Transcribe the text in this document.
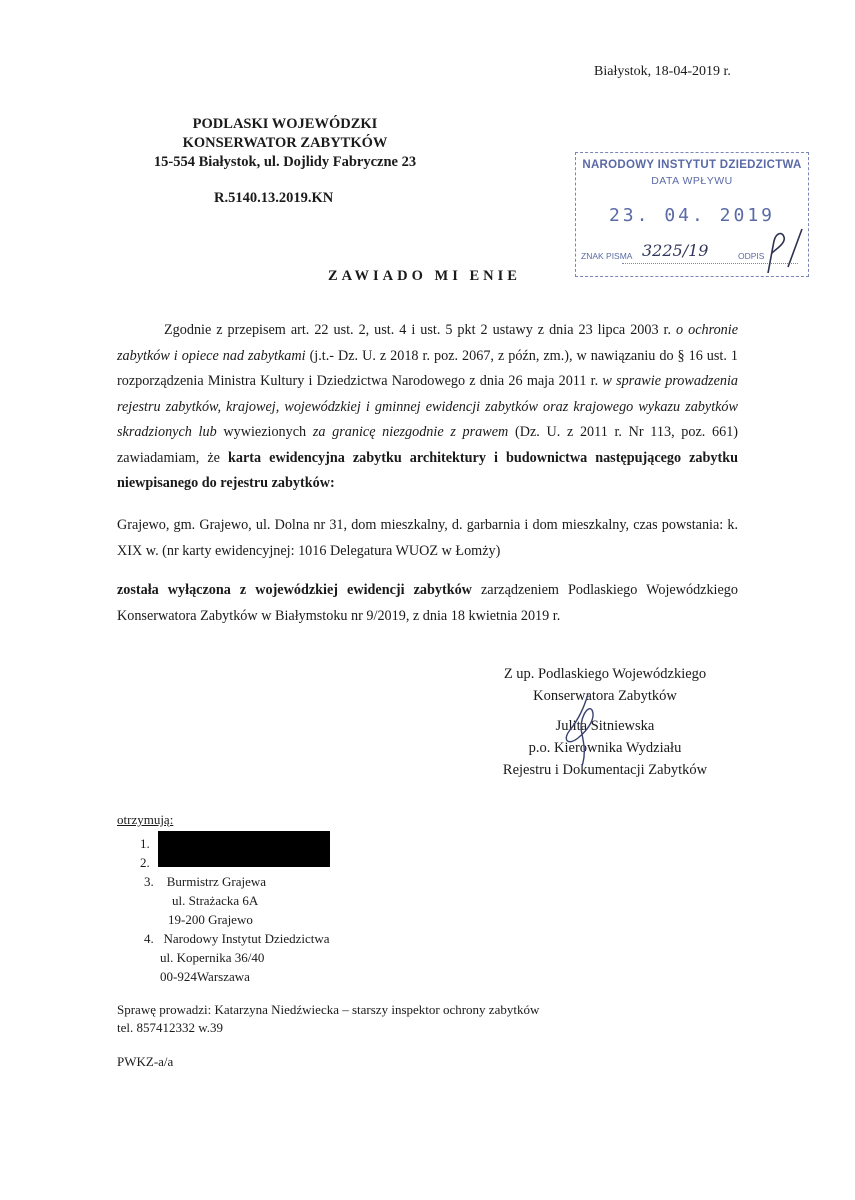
Białystok, 18-04-2019 r.
PODLASKI WOJEWÓDZKI
KONSERWATOR ZABYTKÓW
15-554 Białystok, ul. Dojlidy Fabryczne 23
R.5140.13.2019.KN
NARODOWY INSTYTUT DZIEDZICTWA
DATA WPŁYWU
23. 04. 2019
ZNAK PISMA 3225/19	ODPIS
ZAWIADO MI ENIE
Zgodnie z przepisem art. 22 ust. 2, ust. 4 i ust. 5 pkt 2 ustawy z dnia 23 lipca 2003 r. o ochronie zabytków i opiece nad zabytkami (j.t.- Dz. U. z 2018 r. poz. 2067, z późn, zm.), w nawiązaniu do § 16 ust. 1 rozporządzenia Ministra Kultury i Dziedzictwa Narodowego z dnia 26 maja 2011 r. w sprawie prowadzenia rejestru zabytków, krajowej, wojewódzkiej i gminnej ewidencji zabytków oraz krajowego wykazu zabytków skradzionych lub wywiezionych za granicę niezgodnie z prawem (Dz. U. z 2011 r. Nr 113, poz. 661) zawiadamiam, że karta ewidencyjna zabytku architektury i budownictwa następującego zabytku niewpisanego do rejestru zabytków:
Grajewo, gm. Grajewo, ul. Dolna nr 31, dom mieszkalny, d. garbarnia i dom mieszkalny, czas powstania: k. XIX w. (nr karty ewidencyjnej: 1016 Delegatura WUOZ w Łomży)
została wyłączona z wojewódzkiej ewidencji zabytków zarządzeniem Podlaskiego Wojewódzkiego Konserwatora Zabytków w Białymstoku nr 9/2019, z dnia 18 kwietnia 2019 r.
Z up. Podlaskiego Wojewódzkiego
Konserwatora Zabytków
Julita Sitniewska
p.o. Kierownika Wydziału
Rejestru i Dokumentacji Zabytków
otrzymują:
1.
2.
3. Burmistrz Grajewa
ul. Strażacka 6A
19-200 Grajewo
4. Narodowy Instytut Dziedzictwa
ul. Kopernika 36/40
00-924Warszawa
Sprawę prowadzi: Katarzyna Niedźwiecka – starszy inspektor ochrony zabytków
tel. 857412332 w.39
PWKZ-a/a
